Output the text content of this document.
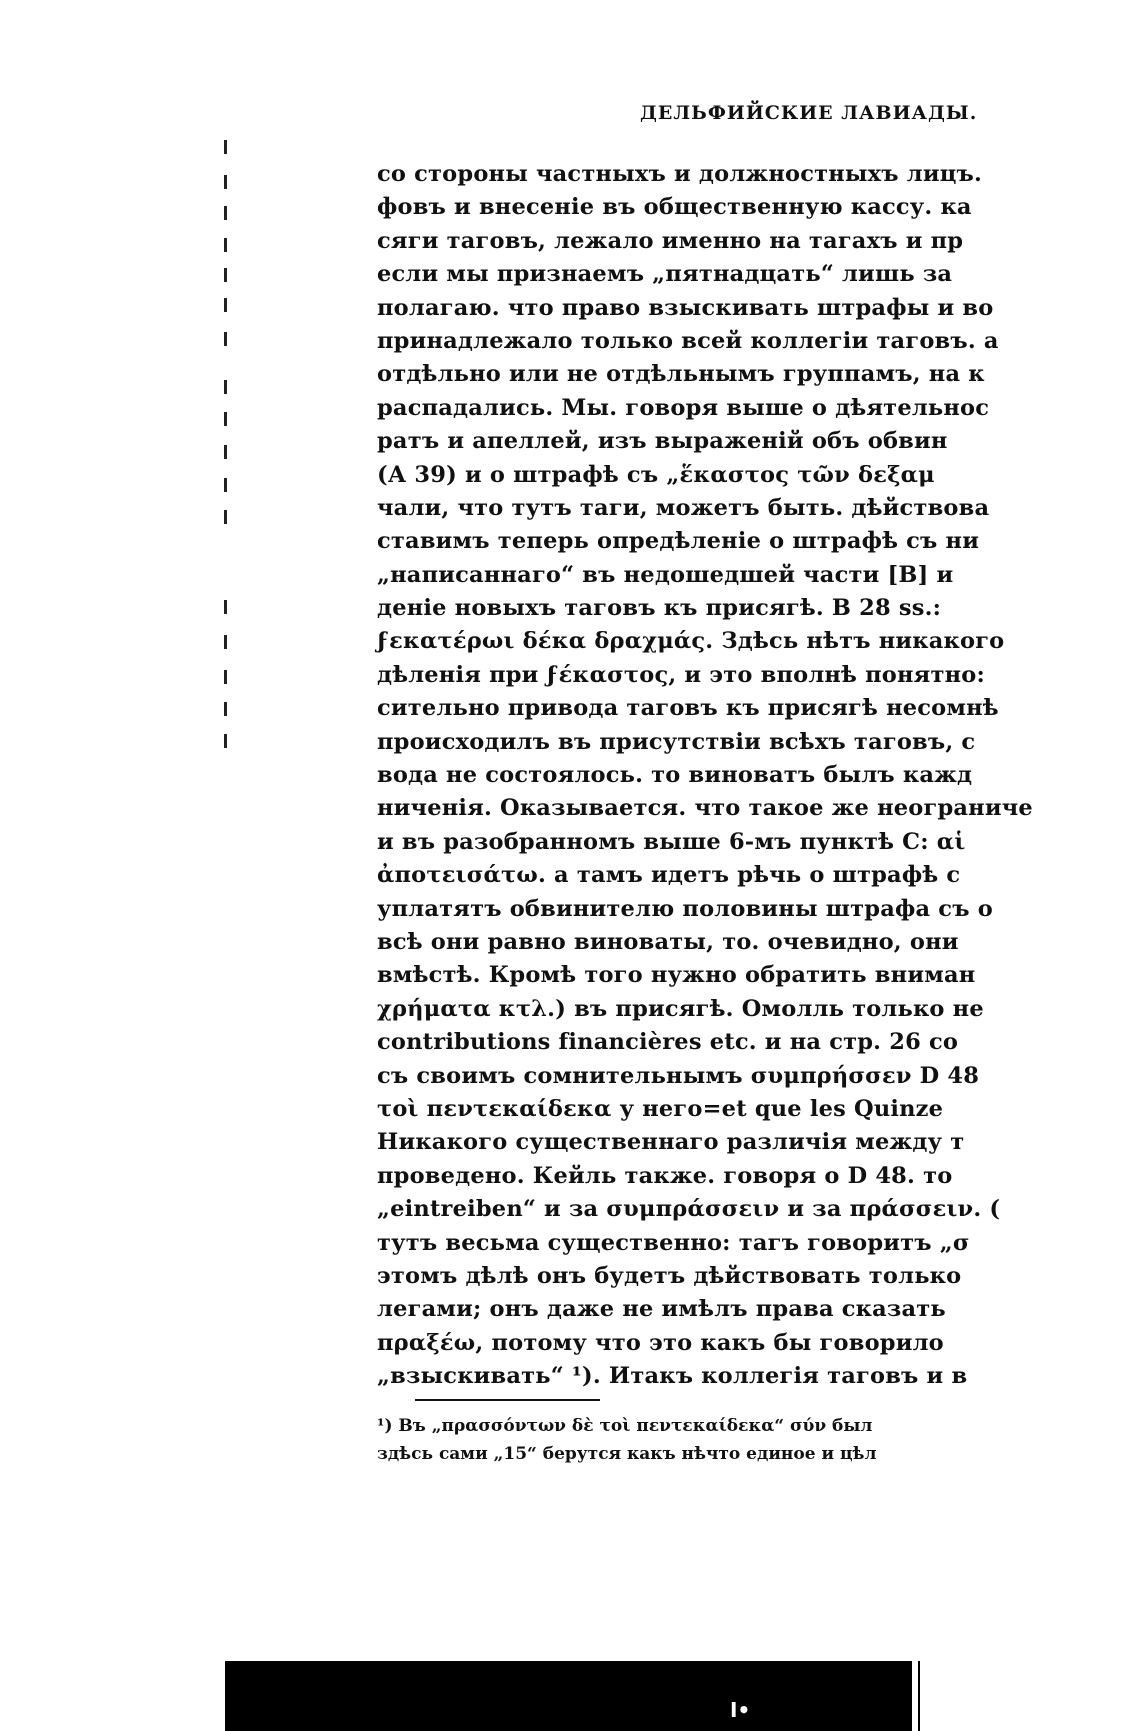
ДЕЛЬФИЙСКИЕ ЛАВИАДЫ.
со стороны частныхъ и должностныхъ лицъ.
фовъ и внесеніе въ общественную кассу. ка
сяги таговъ, лежало именно на тагахъ и пр
если мы признаемъ „пятнадцать“ лишь за
полагаю. что право взыскивать штрафы и во
принадлежало только всей коллегіи таговъ. а
отдѣльно или не отдѣльнымъ группамъ, на к
распадались. Мы. говоря выше о дѣятельнос
ратъ и апеллей, изъ выраженій объ обвин
(А 39) и о штрафѣ съ „ἕκαστος τῶν δεξαμ
чали, что тутъ таги, можетъ быть. дѣйствова
ставимъ теперь опредѣленіе о штрафѣ съ ни
„написаннаго“ въ недошедшей части [В] и
деніе новыхъ таговъ къ присягѣ. В 28 ss.:
ϝεκατέρωι δέκα δραχμάς. Здѣсь нѣтъ никакого
дѣленія при ϝέκαστος, и это вполнѣ понятно:
сительно привода таговъ къ присягѣ несомнѣ
происходилъ въ присутствіи всѣхъ таговъ, с
вода не состоялось. то виноватъ былъ кажд
ниченія. Оказывается. что такое же неограниче
и въ разобранномъ выше 6-мъ пунктѣ С: αἱ
ἀποτεισάτω. а тамъ идетъ рѣчь о штрафѣ с
уплатятъ обвинителю половины штрафа съ о
всѣ они равно виноваты, то. очевидно, они
вмѣстѣ. Кромѣ того нужно обратить вниман
χρήματα κτλ.) въ присягѣ. Омолль только не
contributions financières etc. и на стр. 26 co
съ своимъ сомнительнымъ συμπρήσσεν D 48
τοὶ πεντεκαίδεκα у него=et que les Quinze
Никакого существеннаго различія между т
проведено. Кейль также. говоря о D 48. то
„eintreiben“ и за συμπράσσειν и за πράσσειν. (
тутъ весьма существенно: тагъ говоритъ „σ
этомъ дѣлѣ онъ будетъ дѣйствовать только
легами; онъ даже не имѣлъ права сказать
πραξέω, потому что это какъ бы говорило
„взыскивать“ ¹). Итакъ коллегія таговъ и в
¹) Въ „πρασσόντων δὲ τοὶ πεντεκαίδεκα“ σύν был
здѣсь сами „15“ берутся какъ нѣчто единое и цѣл
I•
